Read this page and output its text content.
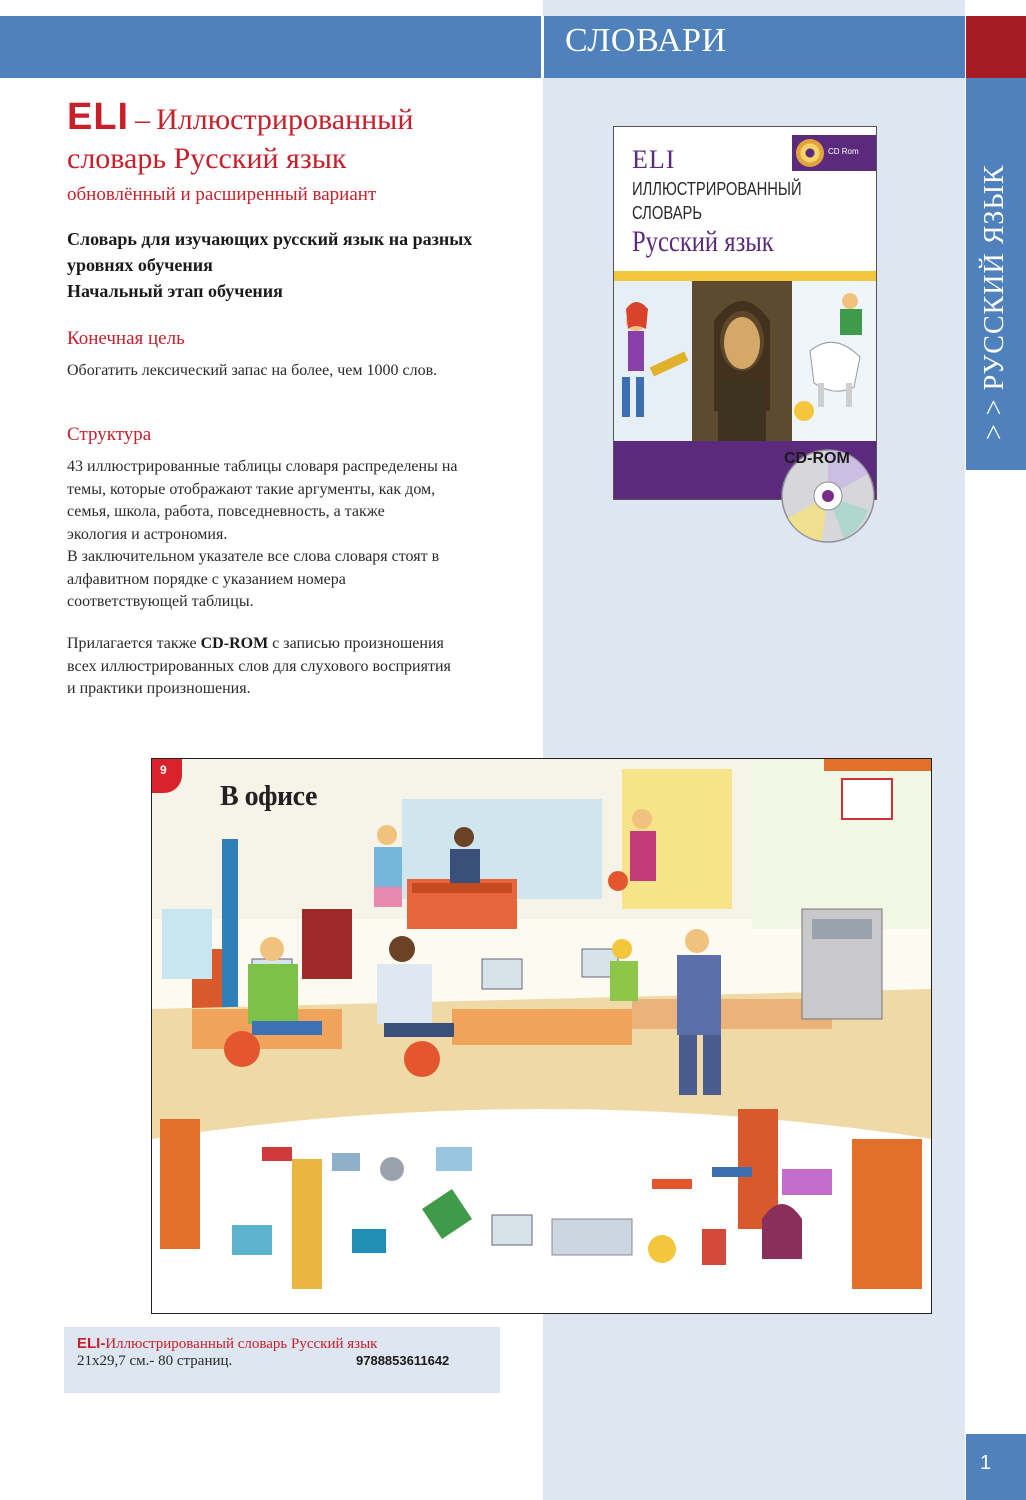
СЛОВАРИ
> > РУССКИЙ ЯЗЫК
1
ELI – Иллюстрированный
словарь Русский язык
обновлённый и расширенный вариант
Словарь для изучающих русский язык на разных
уровнях обучения
Начальный этап обучения
Конечная цель
Обогатить лексический запас на более, чем 1000 слов.
Структура
43 иллюстрированные таблицы словаря распределены на
темы, которые отображают такие аргументы, как дом,
семья, школа, работа, повседневность, а также
экология и астрономия.
В заключительном указателе все слова словаря стоят в
алфавитном порядке с указанием номера
соответствующей таблицы.
Прилагается также CD-ROM с записью произношения
всех иллюстрированных слов для слухового восприятия
и практики произношения.
ELI	CD Rom
ИЛЛЮСТРИРОВАННЫЙ
СЛОВАРЬ
Русский язык
CD-ROM
9
В офисе
ELI-Иллюстрированный словарь Русский язык
21x29,7 см.- 80 страниц.	9788853611642
